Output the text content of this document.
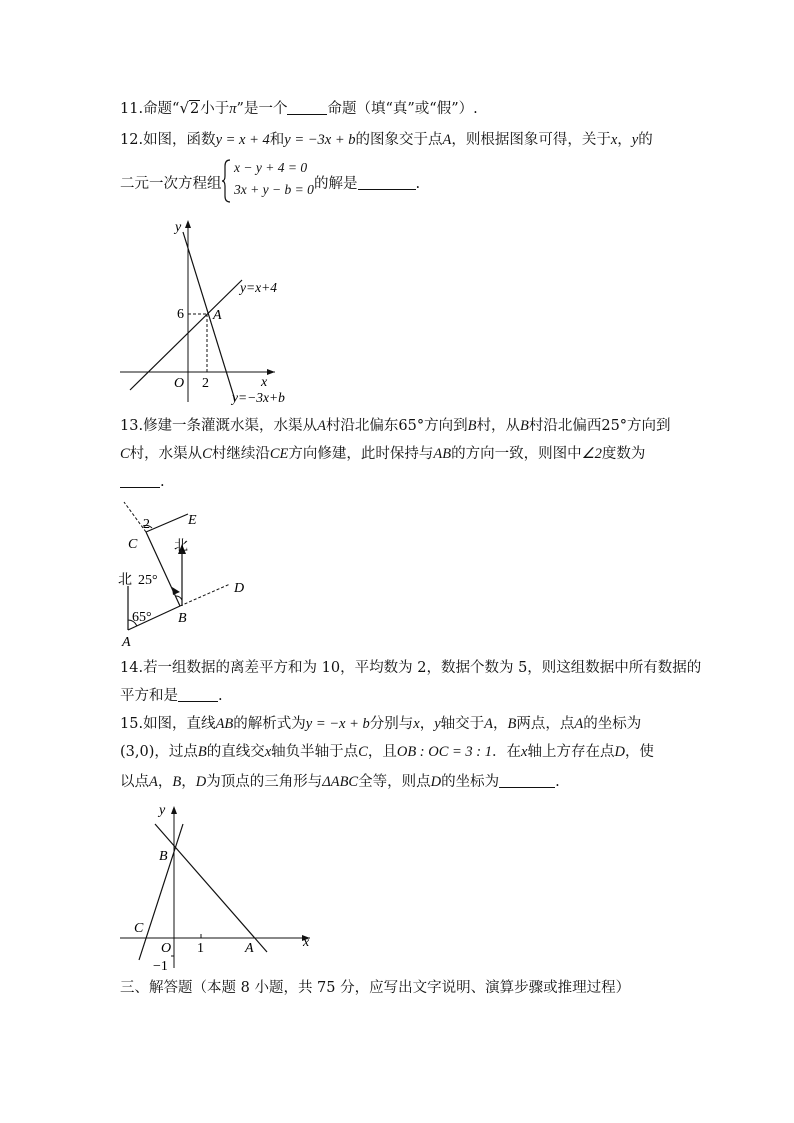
11.命题“√2小于π”是一个	命题（填“真”或“假”）.
12.如图，函数y = x + 4和y = −3x + b的图象交于点A，则根据图象可得，关于x，y的
二元一次方程组
x − y + 4 = 0
3x + y − b = 0 的解是	.
y
x
O
6
2
A
y=x+4
y=−3x+b
13.修建一条灌溉水渠，水渠从A村沿北偏东65°方向到B村，从B村沿北偏西25°方向到
C村，水渠从C村继续沿CE方向修建，此时保持与AB的方向一致，则图中∠2度数为
.
2	E
C	北
北 25°
D
65° B
A
14.若一组数据的离差平方和为 10，平均数为 2，数据个数为 5，则这组数据中所有数据的
平方和是	.
15.如图，直线AB的解析式为y = −x + b分别与x，y轴交于A，B两点，点A的坐标为
(3,0)，过点B的直线交x轴负半轴于点C，且OB : OC = 3 : 1．在x轴上方存在点D，使
以点A，B，D为顶点的三角形与ΔABC全等，则点D的坐标为	.
y
x
O
B
C
A
1
−1
三、解答题（本题 8 小题，共 75 分，应写出文字说明、演算步骤或推理过程）
